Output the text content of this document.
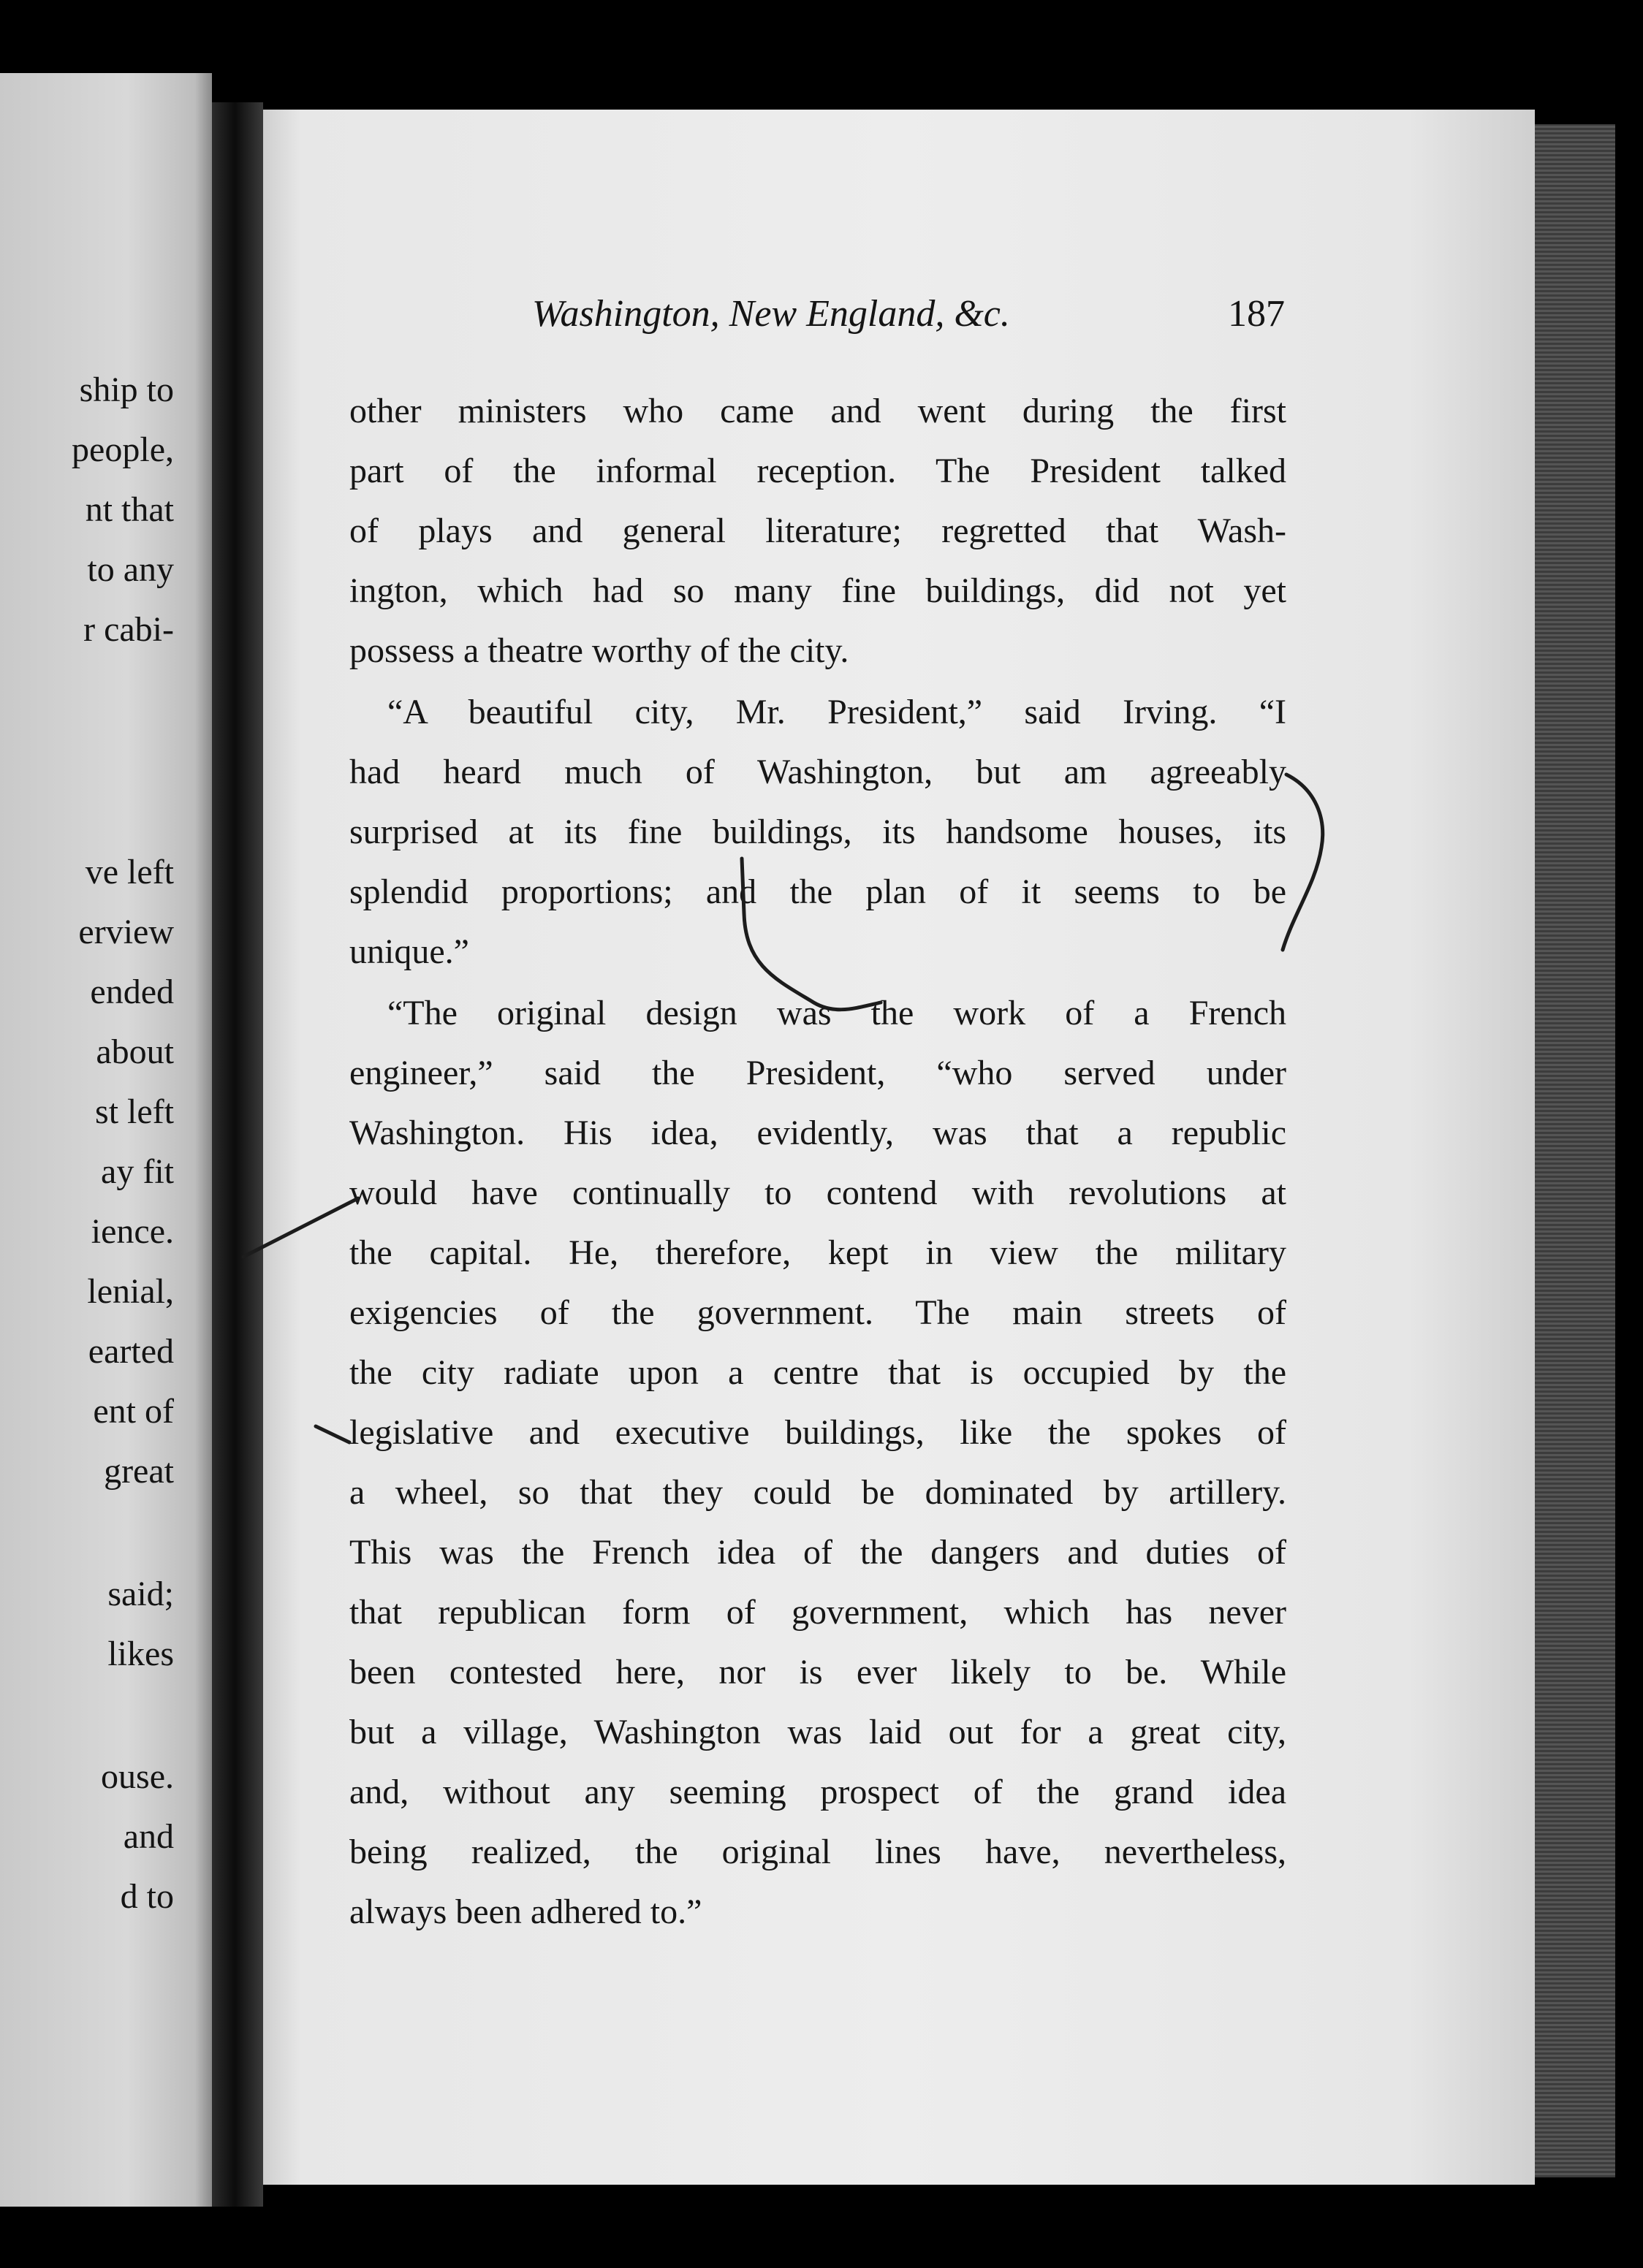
ship to
people,
nt that
to any
r cabi-
ve left
erview
ended
about
st left
ay fit
ience.
lenial,
earted
ent of
great
said;
likes
ouse.
and
d to
Washington, New England, &c.	187
other ministers who came and went during the first
part of the informal reception. The President talked
of plays and general literature; regretted that Wash-
ington, which had so many fine buildings, did not yet
possess a theatre worthy of the city.
“A beautiful city, Mr. President,” said Irving. “I
had heard much of Washington, but am agreeably
surprised at its fine buildings, its handsome houses, its
splendid proportions; and the plan of it seems to be
unique.”
“The original design was the work of a French
engineer,” said the President, “who served under
Washington. His idea, evidently, was that a republic
would have continually to contend with revolutions at
the capital. He, therefore, kept in view the military
exigencies of the government. The main streets of
the city radiate upon a centre that is occupied by the
legislative and executive buildings, like the spokes of
a wheel, so that they could be dominated by artillery.
This was the French idea of the dangers and duties of
that republican form of government, which has never
been contested here, nor is ever likely to be. While
but a village, Washington was laid out for a great city,
and, without any seeming prospect of the grand idea
being realized, the original lines have, nevertheless,
always been adhered to.”
